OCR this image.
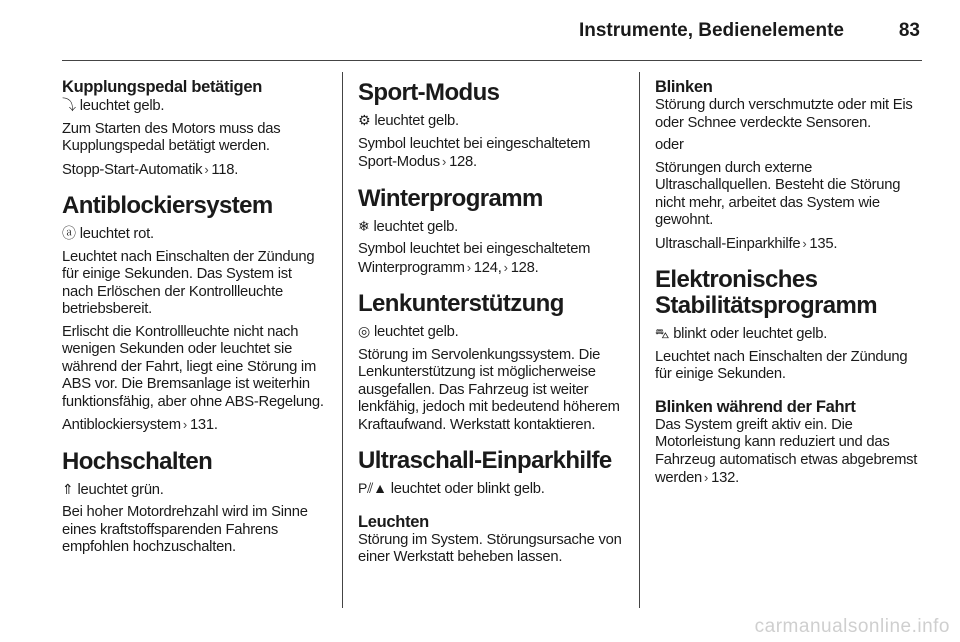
Instrumente, Bedienelemente	83
Kupplungspedal betätigen

⤵ leuchtet gelb.

Zum Starten des Motors muss das Kupplungspedal betätigt werden.

Stopp-Start-Automatik › 118.

Antiblockiersystem

ⓐ leuchtet rot.

Leuchtet nach Einschalten der Zündung für einige Sekunden. Das System ist nach Erlöschen der Kontrollleuchte betriebsbereit.

Erlischt die Kontrollleuchte nicht nach wenigen Sekunden oder leuchtet sie während der Fahrt, liegt eine Störung im ABS vor. Die Bremsanlage ist weiterhin funktionsfähig, aber ohne ABS-Regelung.

Antiblockiersystem › 131.

Hochschalten

⇑ leuchtet grün.

Bei hoher Motordrehzahl wird im Sinne eines kraftstoffsparenden Fahrens empfohlen hochzuschalten.

Sport-Modus

⚙ leuchtet gelb.

Symbol leuchtet bei eingeschaltetem Sport-Modus › 128.

Winterprogramm

❄ leuchtet gelb.

Symbol leuchtet bei eingeschaltetem Winterprogramm › 124, › 128.

Lenkunterstützung

◎ leuchtet gelb.

Störung im Servolenkungssystem. Die Lenkunterstützung ist möglicherweise ausgefallen. Das Fahrzeug ist weiter lenkfähig, jedoch mit bedeutend höherem Kraftaufwand. Werkstatt kontaktieren.

Ultraschall-Einparkhilfe

P⫽▲ leuchtet oder blinkt gelb.

Leuchten

Störung im System. Störungsursache von einer Werkstatt beheben lassen.

Blinken

Störung durch verschmutzte oder mit Eis oder Schnee verdeckte Sensoren.

oder

Störungen durch externe Ultraschallquellen. Besteht die Störung nicht mehr, arbeitet das System wie gewohnt.

Ultraschall-Einparkhilfe › 135.

Elektronisches Stabilitätsprogramm

⛍ blinkt oder leuchtet gelb.

Leuchtet nach Einschalten der Zündung für einige Sekunden.

Blinken während der Fahrt

Das System greift aktiv ein. Die Motorleistung kann reduziert und das Fahrzeug automatisch etwas abgebremst werden › 132.

carmanualsonline.info
